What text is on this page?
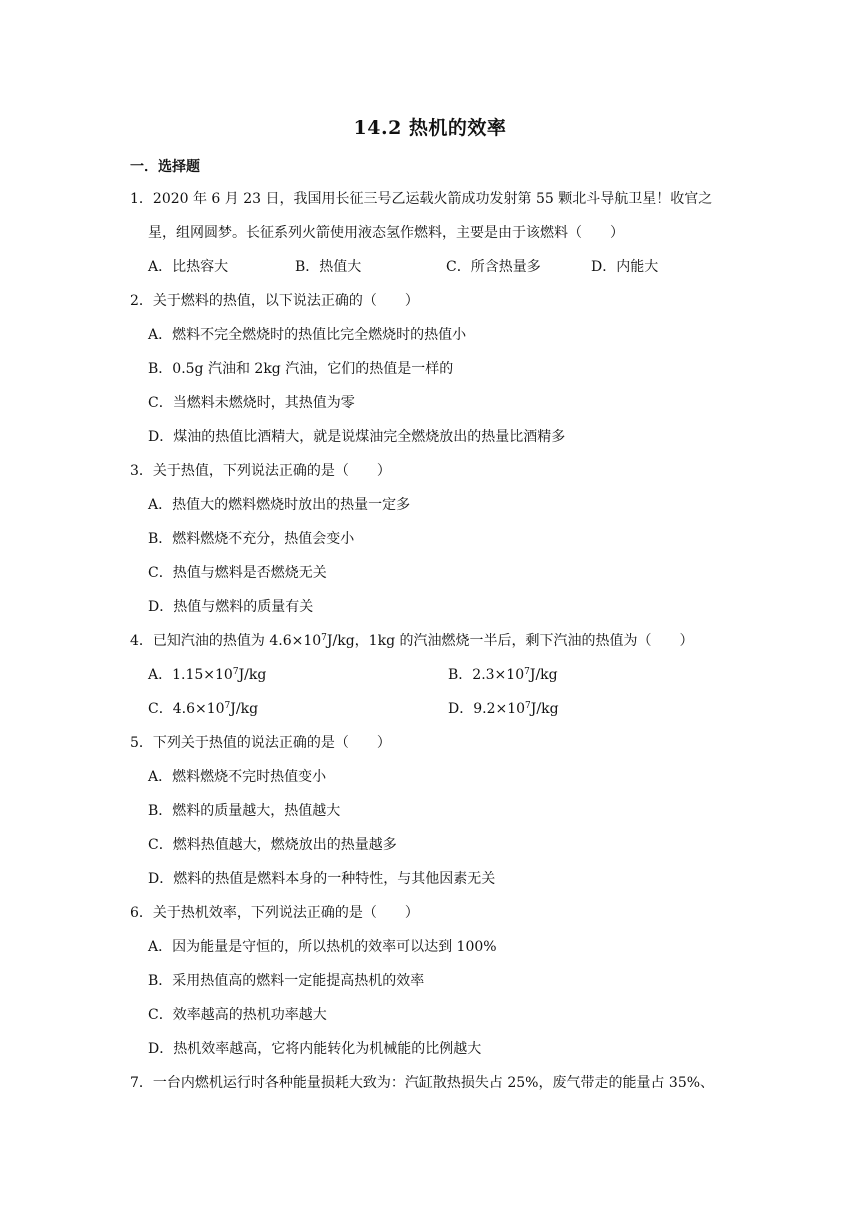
14.2 热机的效率
一．选择题
1．2020 年 6 月 23 日，我国用长征三号乙运载火箭成功发射第 55 颗北斗导航卫星！收官之
星，组网圆梦。长征系列火箭使用液态氢作燃料，主要是由于该燃料（　　）
A．比热容大	B．热值大	C．所含热量多	D．内能大
2．关于燃料的热值，以下说法正确的（　　）
A．燃料不完全燃烧时的热值比完全燃烧时的热值小
B．0.5g 汽油和 2kg 汽油，它们的热值是一样的
C．当燃料未燃烧时，其热值为零
D．煤油的热值比酒精大，就是说煤油完全燃烧放出的热量比酒精多
3．关于热值，下列说法正确的是（　　）
A．热值大的燃料燃烧时放出的热量一定多
B．燃料燃烧不充分，热值会变小
C．热值与燃料是否燃烧无关
D．热值与燃料的质量有关
4．已知汽油的热值为 $4.6\times 10^7J/kg$，1kg 的汽油燃烧一半后，剩下汽油的热值为（　　）
A．$1.15\times 10^7J/kg$	B．$2.3\times 10^7J/kg$
C．$4.6\times 10^7J/kg$	D．$9.2\times 10^7J/kg$
5．下列关于热值的说法正确的是（　　）
A．燃料燃烧不完时热值变小
B．燃料的质量越大，热值越大
C．燃料热值越大，燃烧放出的热量越多
D．燃料的热值是燃料本身的一种特性，与其他因素无关
6．关于热机效率，下列说法正确的是（　　）
A．因为能量是守恒的，所以热机的效率可以达到 100%
B．采用热值高的燃料一定能提高热机的效率
C．效率越高的热机功率越大
D．热机效率越高，它将内能转化为机械能的比例越大
7．一台内燃机运行时各种能量损耗大致为：汽缸散热损失占 25%，废气带走的能量占 35%、
